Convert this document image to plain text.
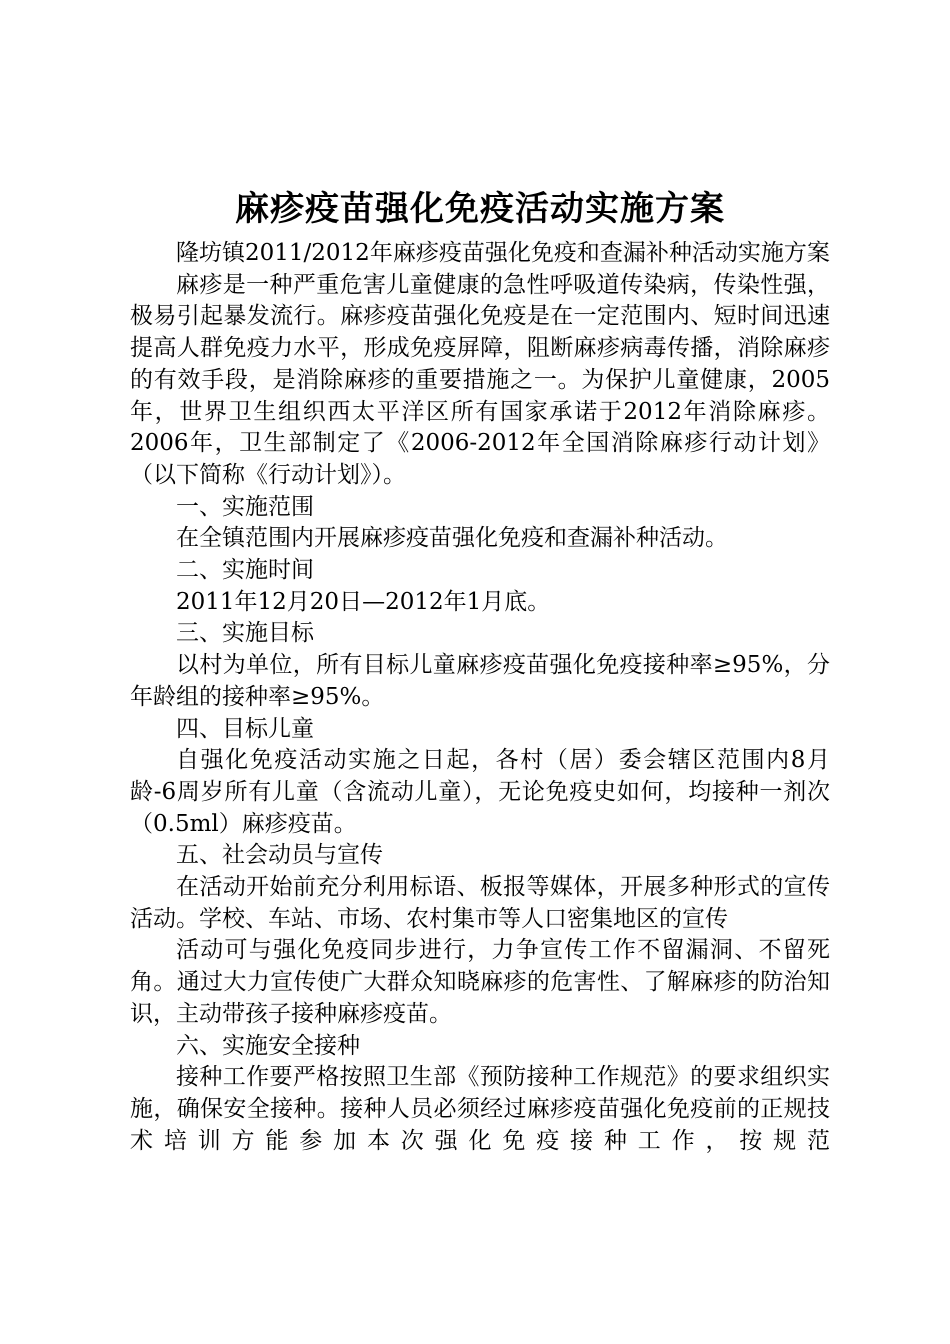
麻疹疫苗强化免疫活动实施方案

隆坊镇2011/2012年麻疹疫苗强化免疫和查漏补种活动实施方案

麻疹是一种严重危害儿童健康的急性呼吸道传染病，传染性强，极易引起暴发流行。麻疹疫苗强化免疫是在一定范围内、短时间迅速提高人群免疫力水平，形成免疫屏障，阻断麻疹病毒传播，消除麻疹的有效手段，是消除麻疹的重要措施之一。为保护儿童健康，2005年，世界卫生组织西太平洋区所有国家承诺于2012年消除麻疹。2006年，卫生部制定了《2006-2012年全国消除麻疹行动计划》（以下简称《行动计划》）。

一、实施范围

在全镇范围内开展麻疹疫苗强化免疫和查漏补种活动。

二、实施时间

2011年12月20日—2012年1月底。

三、实施目标

以村为单位，所有目标儿童麻疹疫苗强化免疫接种率≥95%，分年龄组的接种率≥95%。

四、目标儿童

自强化免疫活动实施之日起，各村（居）委会辖区范围内8月龄-6周岁所有儿童（含流动儿童），无论免疫史如何，均接种一剂次（0.5ml）麻疹疫苗。

五、社会动员与宣传

在活动开始前充分利用标语、板报等媒体，开展多种形式的宣传活动。学校、车站、市场、农村集市等人口密集地区的宣传

活动可与强化免疫同步进行，力争宣传工作不留漏洞、不留死角。通过大力宣传使广大群众知晓麻疹的危害性、了解麻疹的防治知识，主动带孩子接种麻疹疫苗。

六、实施安全接种

接种工作要严格按照卫生部《预防接种工作规范》的要求组织实施，确保安全接种。接种人员必须经过麻疹疫苗强化免疫前的正规技术培训方能参加本次强化免疫接种工作，按规范
